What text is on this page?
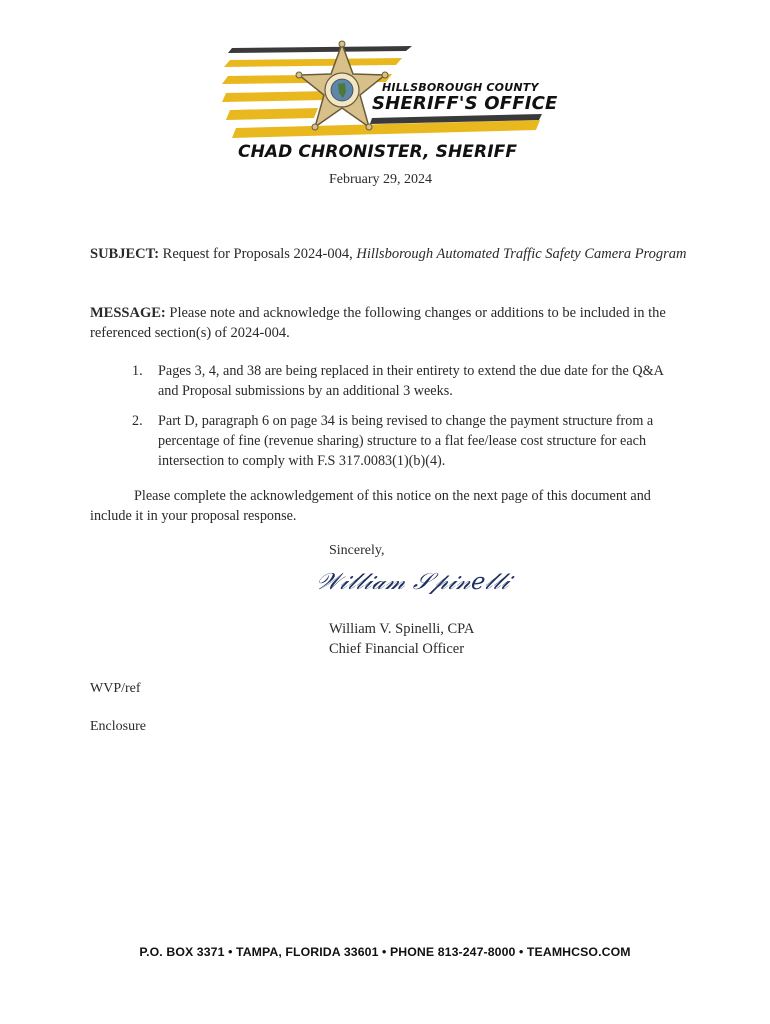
HILLSBOROUGH COUNTY
SHERIFF'S OFFICE
CHAD CHRONISTER, SHERIFF
February 29, 2024
SUBJECT: Request for Proposals 2024-004, Hillsborough Automated Traffic Safety Camera Program
MESSAGE: Please note and acknowledge the following changes or additions to be included in the referenced section(s) of 2024-004.
1. Pages 3, 4, and 38 are being replaced in their entirety to extend the due date for the Q&A and Proposal submissions by an additional 3 weeks.
2. Part D, paragraph 6 on page 34 is being revised to change the payment structure from a percentage of fine (revenue sharing) structure to a flat fee/lease cost structure for each intersection to comply with F.S 317.0083(1)(b)(4).
Please complete the acknowledgement of this notice on the next page of this document and include it in your proposal response.
Sincerely,
𝒲𝒾𝓁𝓁𝒾𝒶𝓂 𝒮𝓅𝒾𝓃𝑒𝓁𝓁𝒾
William V. Spinelli, CPA
Chief Financial Officer
WVP/ref
Enclosure
P.O. BOX 3371 • TAMPA, FLORIDA 33601 • PHONE 813-247-8000 • TEAMHCSO.COM
